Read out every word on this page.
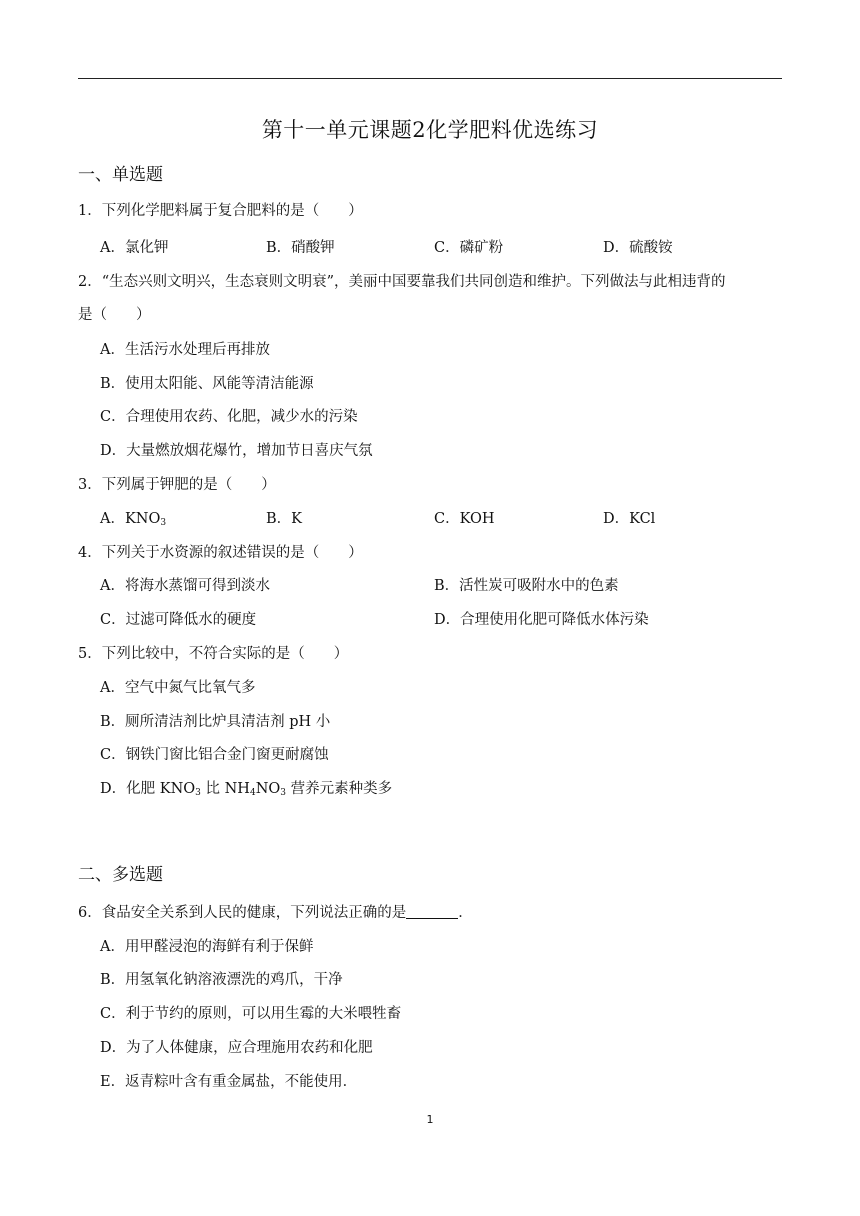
第十一单元课题2化学肥料优选练习
一、单选题
1．下列化学肥料属于复合肥料的是（　　）
A．氯化钾	B．硝酸钾	C．磷矿粉	D．硫酸铵
2．“生态兴则文明兴，生态衰则文明衰”，美丽中国要靠我们共同创造和维护。下列做法与此相违背的
是（　　）
A．生活污水处理后再排放
B．使用太阳能、风能等清洁能源
C．合理使用农药、化肥，减少水的污染
D．大量燃放烟花爆竹，增加节日喜庆气氛
3．下列属于钾肥的是（　　）
A．$KNO_3$	B．K	C．KOH	D．KCl
4．下列关于水资源的叙述错误的是（　　）
A．将海水蒸馏可得到淡水	B．活性炭可吸附水中的色素
C．过滤可降低水的硬度	D．合理使用化肥可降低水体污染
5．下列比较中，不符合实际的是（　　）
A．空气中氮气比氧气多
B．厕所清洁剂比炉具清洁剂 pH 小
C．钢铁门窗比铝合金门窗更耐腐蚀
D．化肥 $KNO_3$ 比 $NH_4NO_3$ 营养元素种类多
二、多选题
6．食品安全关系到人民的健康，下列说法正确的是	．
A．用甲醛浸泡的海鲜有利于保鲜
B．用氢氧化钠溶液漂洗的鸡爪，干净
C．利于节约的原则，可以用生霉的大米喂牲畜
D．为了人体健康，应合理施用农药和化肥
E．返青粽叶含有重金属盐，不能使用．
1
